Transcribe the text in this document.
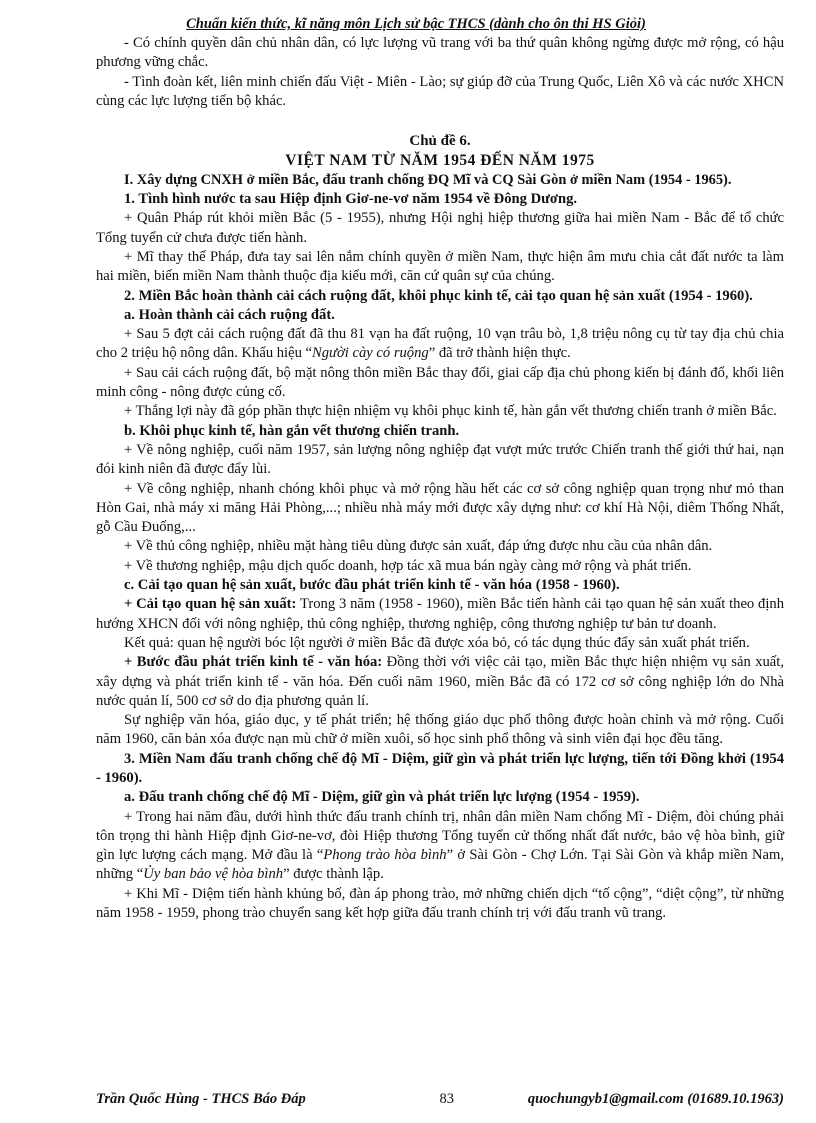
Chuẩn kiến thức, kĩ năng môn Lịch sử bậc THCS (dành cho ôn thi HS Giỏi)

- Có chính quyền dân chủ nhân dân, có lực lượng vũ trang với ba thứ quân không ngừng được mở rộng, có hậu phương vững chắc.

- Tình đoàn kết, liên minh chiến đấu Việt - Miên - Lào; sự giúp đỡ của Trung Quốc, Liên Xô và các nước XHCN cùng các lực lượng tiến bộ khác.

Chủ đề 6.
VIỆT NAM TỪ NĂM 1954 ĐẾN NĂM 1975

I. Xây dựng CNXH ở miền Bắc, đấu tranh chống ĐQ Mĩ và CQ Sài Gòn ở miền Nam (1954 - 1965).

1. Tình hình nước ta sau Hiệp định Giơ-ne-vơ năm 1954 về Đông Dương.

+ Quân Pháp rút khỏi miền Bắc (5 - 1955), nhưng Hội nghị hiệp thương giữa hai miền Nam - Bắc để tổ chức Tổng tuyển cử chưa được tiến hành.

+ Mĩ thay thế Pháp, đưa tay sai lên nắm chính quyền ở miền Nam, thực hiện âm mưu chia cắt đất nước ta làm hai miền, biến miền Nam thành thuộc địa kiểu mới, căn cứ quân sự của chúng.

2. Miền Bắc hoàn thành cải cách ruộng đất, khôi phục kinh tế, cải tạo quan hệ sản xuất (1954 - 1960).

a. Hoàn thành cải cách ruộng đất.

+ Sau 5 đợt cải cách ruộng đất đã thu 81 vạn ha đất ruộng, 10 vạn trâu bò, 1,8 triệu nông cụ từ tay địa chủ chia cho 2 triệu hộ nông dân. Khẩu hiệu “Người cày có ruộng” đã trở thành hiện thực.

+ Sau cải cách ruộng đất, bộ mặt nông thôn miền Bắc thay đổi, giai cấp địa chủ phong kiến bị đánh đổ, khối liên minh công - nông được củng cố.

+ Thắng lợi này đã góp phần thực hiện nhiệm vụ khôi phục kinh tế, hàn gắn vết thương chiến tranh ở miền Bắc.

b. Khôi phục kinh tế, hàn gắn vết thương chiến tranh.

+ Về nông nghiệp, cuối năm 1957, sản lượng nông nghiệp đạt vượt mức trước Chiến tranh thế giới thứ hai, nạn đói kinh niên đã được đẩy lùi.

+ Về công nghiệp, nhanh chóng khôi phục và mở rộng hầu hết các cơ sở công nghiệp quan trọng như mỏ than Hòn Gai, nhà máy xi măng Hải Phòng,...; nhiều nhà máy mới được xây dựng như: cơ khí Hà Nội, diêm Thống Nhất, gỗ Cầu Đuống,...

+ Về thủ công nghiệp, nhiều mặt hàng tiêu dùng được sản xuất, đáp ứng được nhu cầu của nhân dân.

+ Về thương nghiệp, mậu dịch quốc doanh, hợp tác xã mua bán ngày càng mở rộng và phát triển.

c. Cải tạo quan hệ sản xuất, bước đầu phát triển kinh tế - văn hóa (1958 - 1960).

+ Cải tạo quan hệ sản xuất: Trong 3 năm (1958 - 1960), miền Bắc tiến hành cải tạo quan hệ sản xuất theo định hướng XHCN đối với nông nghiệp, thủ công nghiệp, thương nghiệp, công thương nghiệp tư bản tư doanh.

Kết quả: quan hệ người bóc lột người ở miền Bắc đã được xóa bỏ, có tác dụng thúc đẩy sản xuất phát triển.

+ Bước đầu phát triển kinh tế - văn hóa: Đồng thời với việc cải tạo, miền Bắc thực hiện nhiệm vụ sản xuất, xây dựng và phát triển kinh tế - văn hóa. Đến cuối năm 1960, miền Bắc đã có 172 cơ sở công nghiệp lớn do Nhà nước quản lí, 500 cơ sở do địa phương quản lí.

Sự nghiệp văn hóa, giáo dục, y tế phát triển; hệ thống giáo dục phổ thông được hoàn chỉnh và mở rộng. Cuối năm 1960, căn bản xóa được nạn mù chữ ở miền xuôi, số học sinh phổ thông và sinh viên đại học đều tăng.

3. Miền Nam đấu tranh chống chế độ Mĩ - Diệm, giữ gìn và phát triển lực lượng, tiến tới Đồng khởi (1954 - 1960).

a. Đấu tranh chống chế độ Mĩ - Diệm, giữ gìn và phát triển lực lượng (1954 - 1959).

+ Trong hai năm đầu, dưới hình thức đấu tranh chính trị, nhân dân miền Nam chống Mĩ - Diệm, đòi chúng phải tôn trọng thi hành Hiệp định Giơ-ne-vơ, đòi Hiệp thương Tổng tuyển cử thống nhất đất nước, bảo vệ hòa bình, giữ gìn lực lượng cách mạng. Mở đầu là “Phong trào hòa bình” ở Sài Gòn - Chợ Lớn. Tại Sài Gòn và khắp miền Nam, những “Ủy ban bảo vệ hòa bình” được thành lập.

+ Khi Mĩ - Diệm tiến hành khủng bố, đàn áp phong trào, mở những chiến dịch “tố cộng”, “diệt cộng”, từ những năm 1958 - 1959, phong trào chuyển sang kết hợp giữa đấu tranh chính trị với đấu tranh vũ trang.

Trần Quốc Hùng - THCS Báo Đáp	83	quochungyb1@gmail.com (01689.10.1963)
